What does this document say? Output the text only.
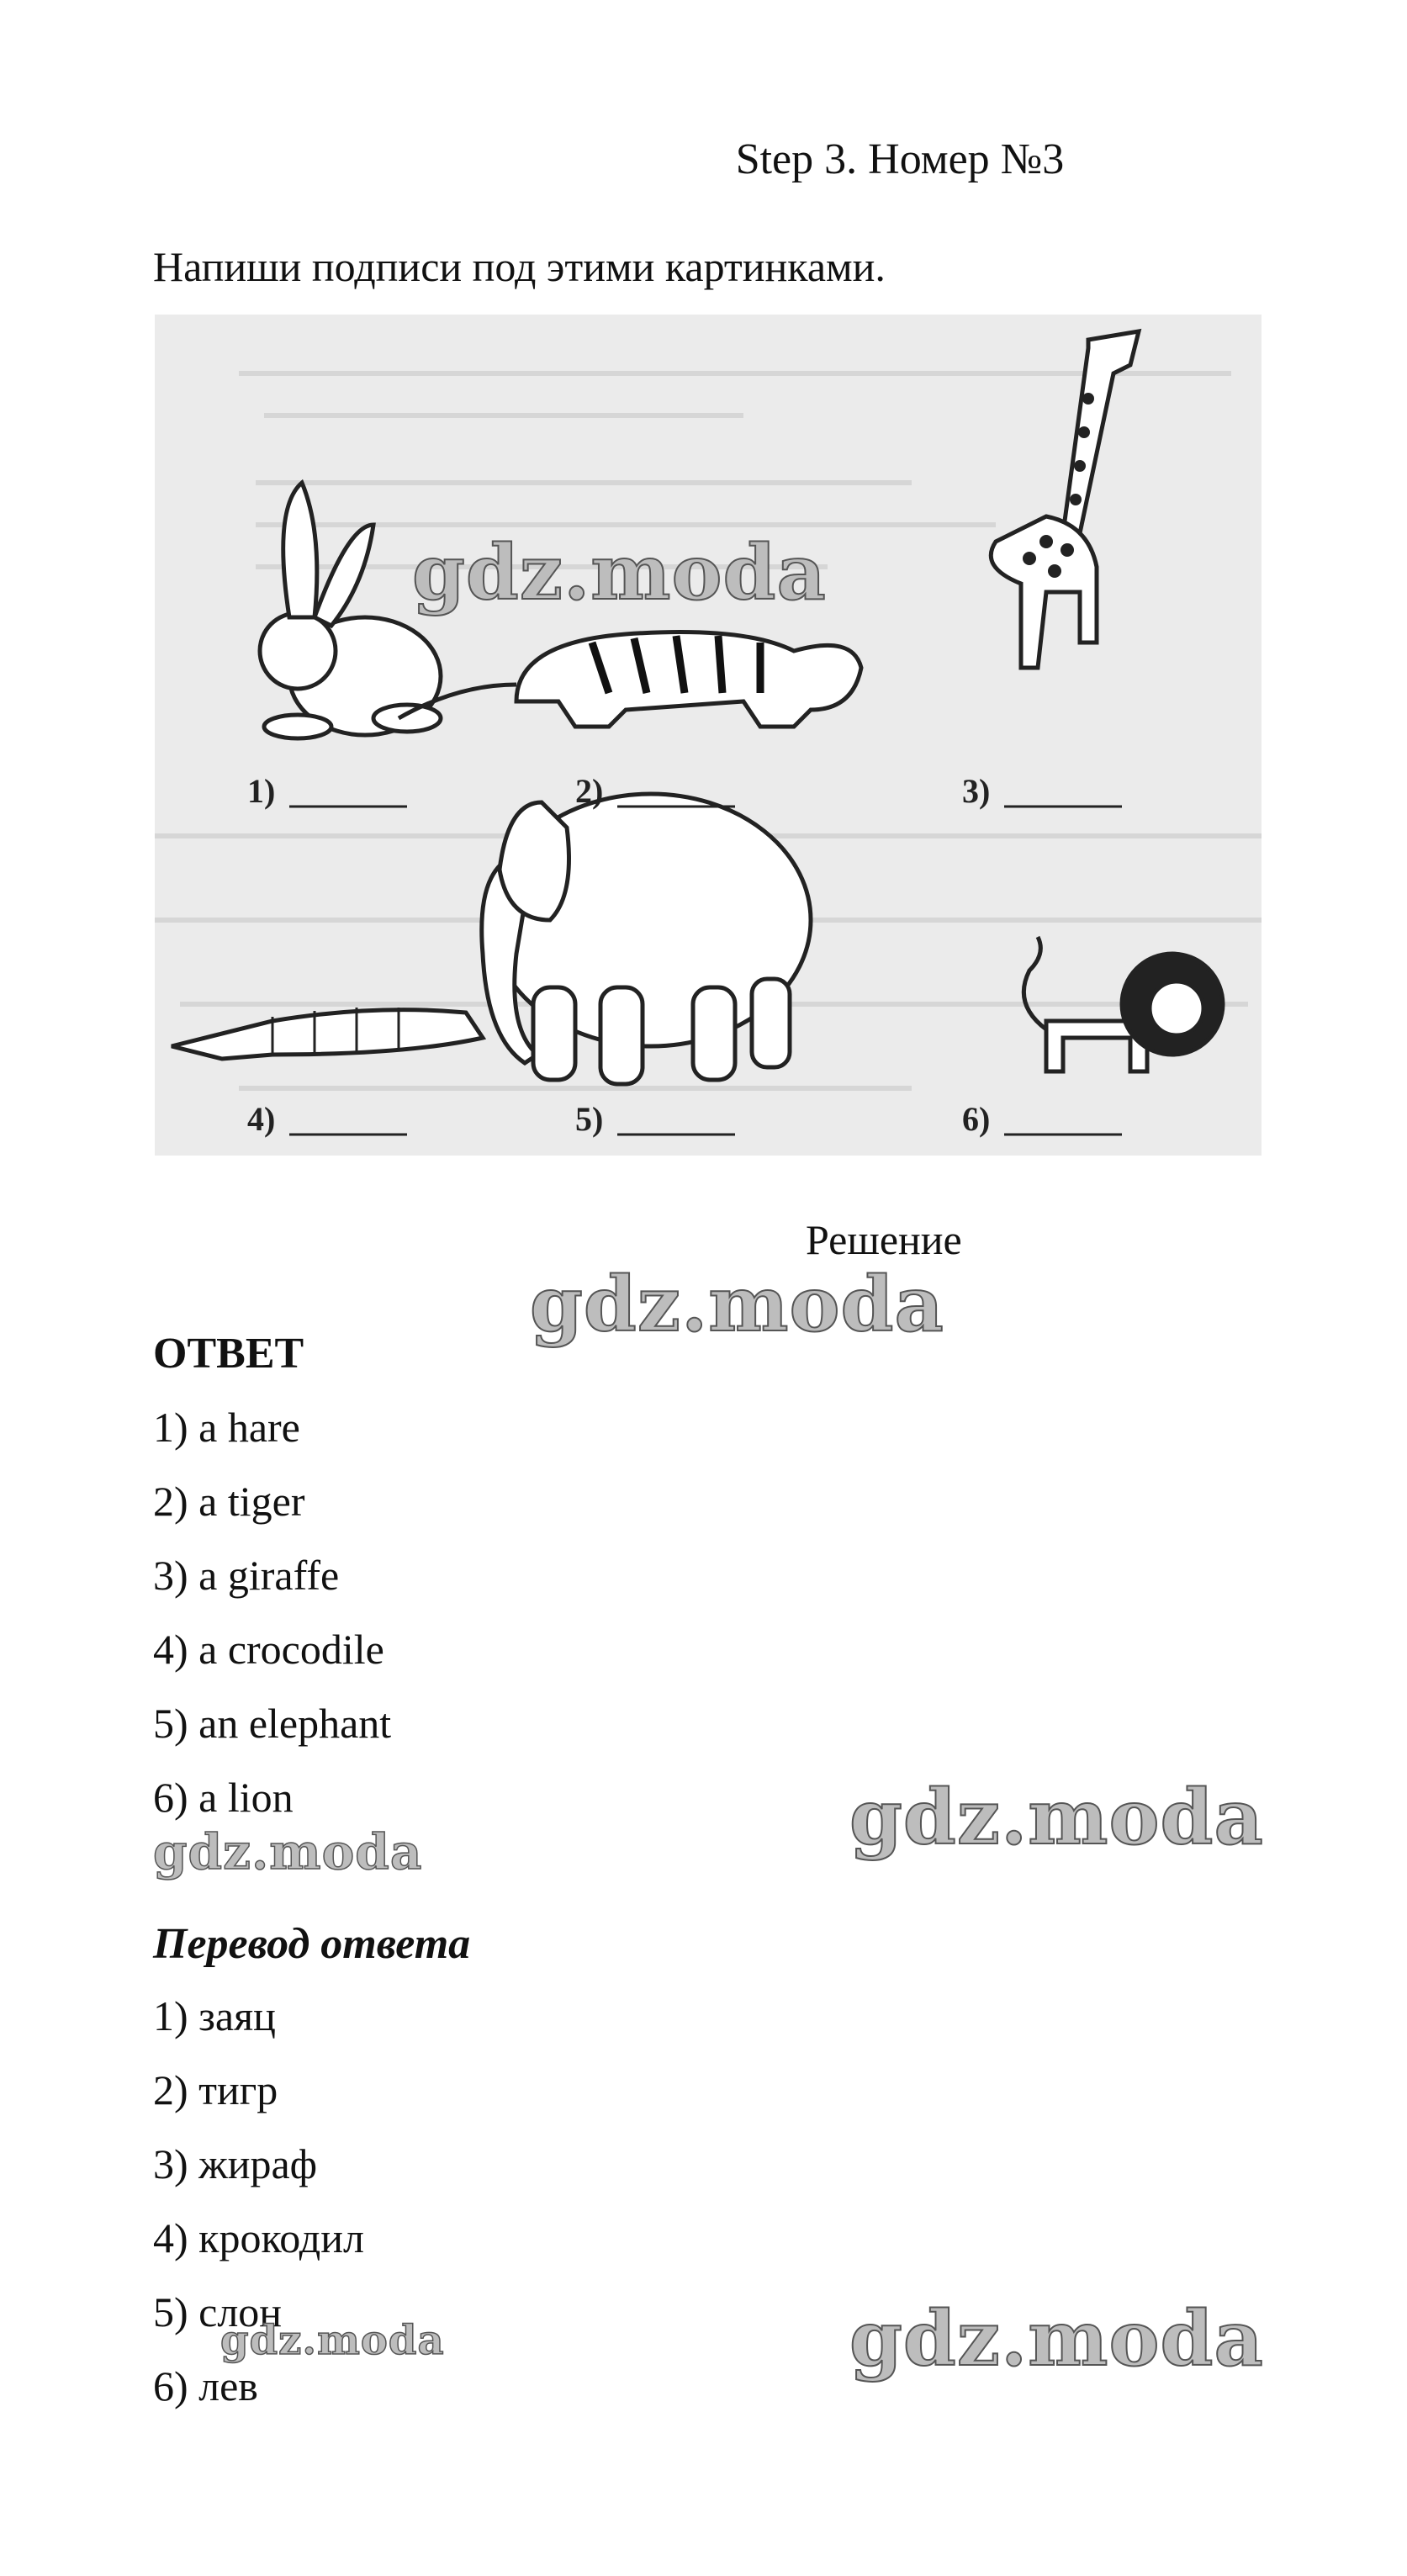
Step 3. Номер №3
Напиши подписи под этими картинками.
1)	2)	3)
4)	5)	6)
gdz.moda
Решение
gdz.moda
ОТВЕТ
1) a hare
2) a tiger
3) a giraffe
4) a crocodile
5) an elephant
6) a lion
gdz.moda	gdz.moda
Перевод ответа
1) заяц
2) тигр
3) жираф
4) крокодил
5) слон
6) лев
gdz.moda	gdz.moda
